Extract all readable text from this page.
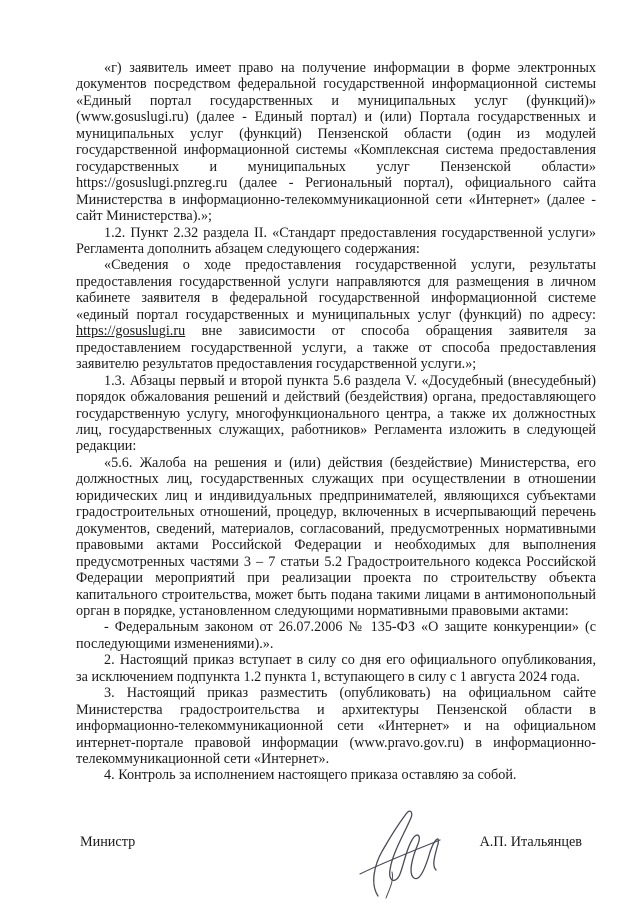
«г) заявитель имеет право на получение информации в форме электронных документов посредством федеральной государственной информационной системы «Единый портал государственных и муниципальных услуг (функций)» (www.gosuslugi.ru) (далее - Единый портал) и (или) Портала государственных и муниципальных услуг (функций) Пензенской области (один из модулей государственной информационной системы «Комплексная система предоставления государственных и муниципальных услуг Пензенской области» https://gosuslugi.pnzreg.ru (далее - Региональный портал), официального сайта Министерства в информационно-телекоммуникационной сети «Интернет» (далее - сайт Министерства).»;

1.2. Пункт 2.32 раздела II. «Стандарт предоставления государственной услуги» Регламента дополнить абзацем следующего содержания:

«Сведения о ходе предоставления государственной услуги, результаты предоставления государственной услуги направляются для размещения в личном кабинете заявителя в федеральной государственной информационной системе «единый портал государственных и муниципальных услуг (функций) по адресу: https://gosuslugi.ru вне зависимости от способа обращения заявителя за предоставлением государственной услуги, а также от способа предоставления заявителю результатов предоставления государственной услуги.»;

1.3. Абзацы первый и второй пункта 5.6 раздела V. «Досудебный (внесудебный) порядок обжалования решений и действий (бездействия) органа, предоставляющего государственную услугу, многофункционального центра, а также их должностных лиц, государственных служащих, работников» Регламента изложить в следующей редакции:

«5.6. Жалоба на решения и (или) действия (бездействие) Министерства, его должностных лиц, государственных служащих при осуществлении в отношении юридических лиц и индивидуальных предпринимателей, являющихся субъектами градостроительных отношений, процедур, включенных в исчерпывающий перечень документов, сведений, материалов, согласований, предусмотренных нормативными правовыми актами Российской Федерации и необходимых для выполнения предусмотренных частями 3 – 7 статьи 5.2 Градостроительного кодекса Российской Федерации мероприятий при реализации проекта по строительству объекта капитального строительства, может быть подана такими лицами в антимонопольный орган в порядке, установленном следующими нормативными правовыми актами:

- Федеральным законом от 26.07.2006 № 135-ФЗ «О защите конкуренции» (с последующими изменениями).».

2. Настоящий приказ вступает в силу со дня его официального опубликования, за исключением подпункта 1.2 пункта 1, вступающего в силу с 1 августа 2024 года.

3. Настоящий приказ разместить (опубликовать) на официальном сайте Министерства градостроительства и архитектуры Пензенской области в информационно-телекоммуникационной сети «Интернет» и на официальном интернет-портале правовой информации (www.pravo.gov.ru) в информационно-телекоммуникационной сети «Интернет».

4. Контроль за исполнением настоящего приказа оставляю за собой.

Министр	А.П. Итальянцев
